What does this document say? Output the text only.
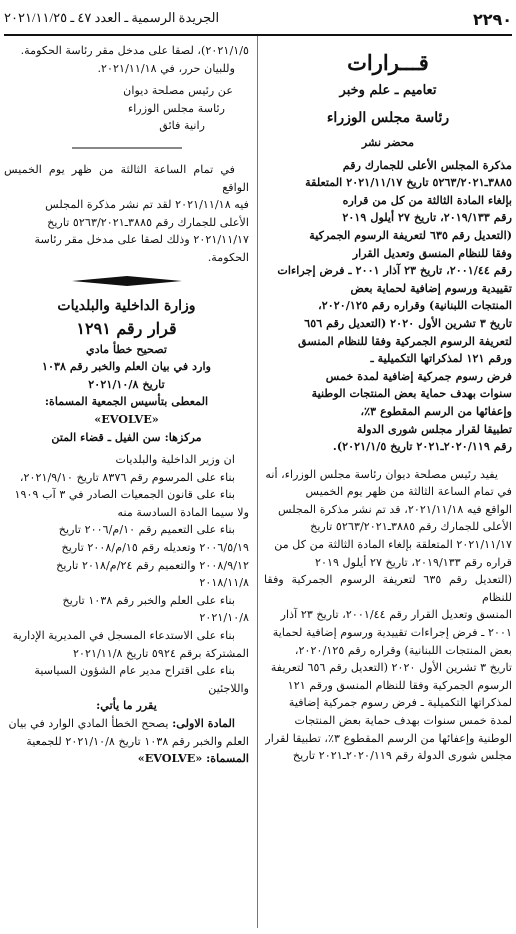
٢٢٩٠
الجريدة الرسمية ـ العدد ٤٧ ـ ٢٠٢١/١١/٢٥
قـــرارات
تعاميم ـ علم وخبر
رئاسة مجلس الوزراء
محضر نشر
مذكرة المجلس الأعلى للجمارك رقم
٣٨٨٥ـ٥٢٦٣/٢٠٢١ تاريخ ٢٠٢١/١١/١٧ المتعلقة
بإلغاء المادة الثالثة من كل من قراره
رقم ٢٠١٩/١٣٣، تاريخ ٢٧ أيلول ٢٠١٩
(التعديل رقم ٦٣٥ لتعريفة الرسوم الجمركية
وفقا للنظام المنسق وتعديل القرار
رقم ٢٠٠١/٤٤، تاريخ ٢٣ آذار ٢٠٠١ ـ فرض إجراءات
تقييدية ورسوم إضافية لحماية بعض
المنتجات اللبنانية) وقراره رقم ٢٠٢٠/١٢٥،
تاريخ ٣ تشرين الأول ٢٠٢٠ (التعديل رقم ٦٥٦
لتعريفة الرسوم الجمركية وفقا للنظام المنسق
ورقم ١٢١ لمذكراتها التكميلية ـ
فرض رسوم جمركية إضافية لمدة خمس
سنوات بهدف حماية بعض المنتجات الوطنية
وإعفائها من الرسم المقطوع ٣٪،
تطبيقا لقرار مجلس شورى الدولة
رقم ٢٠٢٠/١١٩ـ٢٠٢١ تاريخ ٢٠٢١/١/٥).
يفيد رئيس مصلحة ديوان رئاسة مجلس الوزراء، أنه
في تمام الساعة الثالثة من ظهر يوم الخميس
الواقع فيه ٢٠٢١/١١/١٨، قد تم نشر مذكرة المجلس
الأعلى للجمارك رقم ٣٨٨٥ـ٥٢٦٣/٢٠٢١ تاريخ
٢٠٢١/١١/١٧ المتعلقة بإلغاء المادة الثالثة من كل من
قراره رقم ٢٠١٩/١٣٣، تاريخ ٢٧ أيلول ٢٠١٩
(التعديل رقم ٦٣٥ لتعريفة الرسوم الجمركية وفقا للنظام
المنسق وتعديل القرار رقم ٢٠٠١/٤٤، تاريخ ٢٣ آذار
٢٠٠١ ـ فرض إجراءات تقييدية ورسوم إضافية لحماية
بعض المنتجات اللبنانية) وقراره رقم ٢٠٢٠/١٢٥،
تاريخ ٣ تشرين الأول ٢٠٢٠ (التعديل رقم ٦٥٦ لتعريفة
الرسوم الجمركية وفقا للنظام المنسق ورقم ١٢١
لمذكراتها التكميلية ـ فرض رسوم جمركية إضافية
لمدة خمس سنوات بهدف حماية بعض المنتجات
الوطنية وإعفائها من الرسم المقطوع ٣٪، تطبيقا لقرار
مجلس شورى الدولة رقم ٢٠٢٠/١١٩ـ٢٠٢١ تاريخ
٢٠٢١/١/٥)، لصقا على مدخل مقر رئاسة الحكومة.
وللبيان حرر، في ٢٠٢١/١١/١٨.
عن رئيس مصلحة ديوان
رئاسة مجلس الوزراء
رانية فائق
في تمام الساعة الثالثة من ظهر يوم الخميس الواقع
فيه ٢٠٢١/١١/١٨ لقد تم نشر مذكرة المجلس
الأعلى للجمارك رقم ٣٨٨٥ـ٥٢٦٣/٢٠٢١ تاريخ
٢٠٢١/١١/١٧ وذلك لصقا على مدخل مقر رئاسة
الحكومة.
وزارة الداخلية والبلديات
قرار رقم ١٢٩١
تصحيح خطأ مادي
وارد في بيان العلم والخبر رقم ١٠٣٨
تاريخ ٢٠٢١/١٠/٨
المعطى بتأسيس الجمعية المسماة:
«EVOLVE»
مركزها: سن الفيل ـ قضاء المتن
ان وزير الداخلية والبلديات
بناء على المرسوم رقم ٨٣٧٦ تاريخ ٢٠٢١/٩/١٠،
بناء على قانون الجمعيات الصادر في ٣ آب ١٩٠٩
ولا سيما المادة السادسة منه
بناء على التعميم رقم ١٠/م/٢٠٠٦ تاريخ
٢٠٠٦/٥/١٩ وتعديله رقم ١٥/م/٢٠٠٨ تاريخ
٢٠٠٨/٩/١٢ والتعميم رقم ٢٤/م/٢٠١٨ تاريخ
٢٠١٨/١١/٨
بناء على العلم والخبر رقم ١٠٣٨ تاريخ
٢٠٢١/١٠/٨
بناء على الاستدعاء المسجل في المديرية الإدارية
المشتركة برقم ٥٩٢٤ تاريخ ٢٠٢١/١١/٨
بناء على اقتراح مدير عام الشؤون السياسية
واللاجئين
يقرر ما يأتي:
المادة الاولى: يصحح الخطأ المادي الوارد في بيان
العلم والخبر رقم ١٠٣٨ تاريخ ٢٠٢١/١٠/٨ للجمعية
المسماة: «EVOLVE»
